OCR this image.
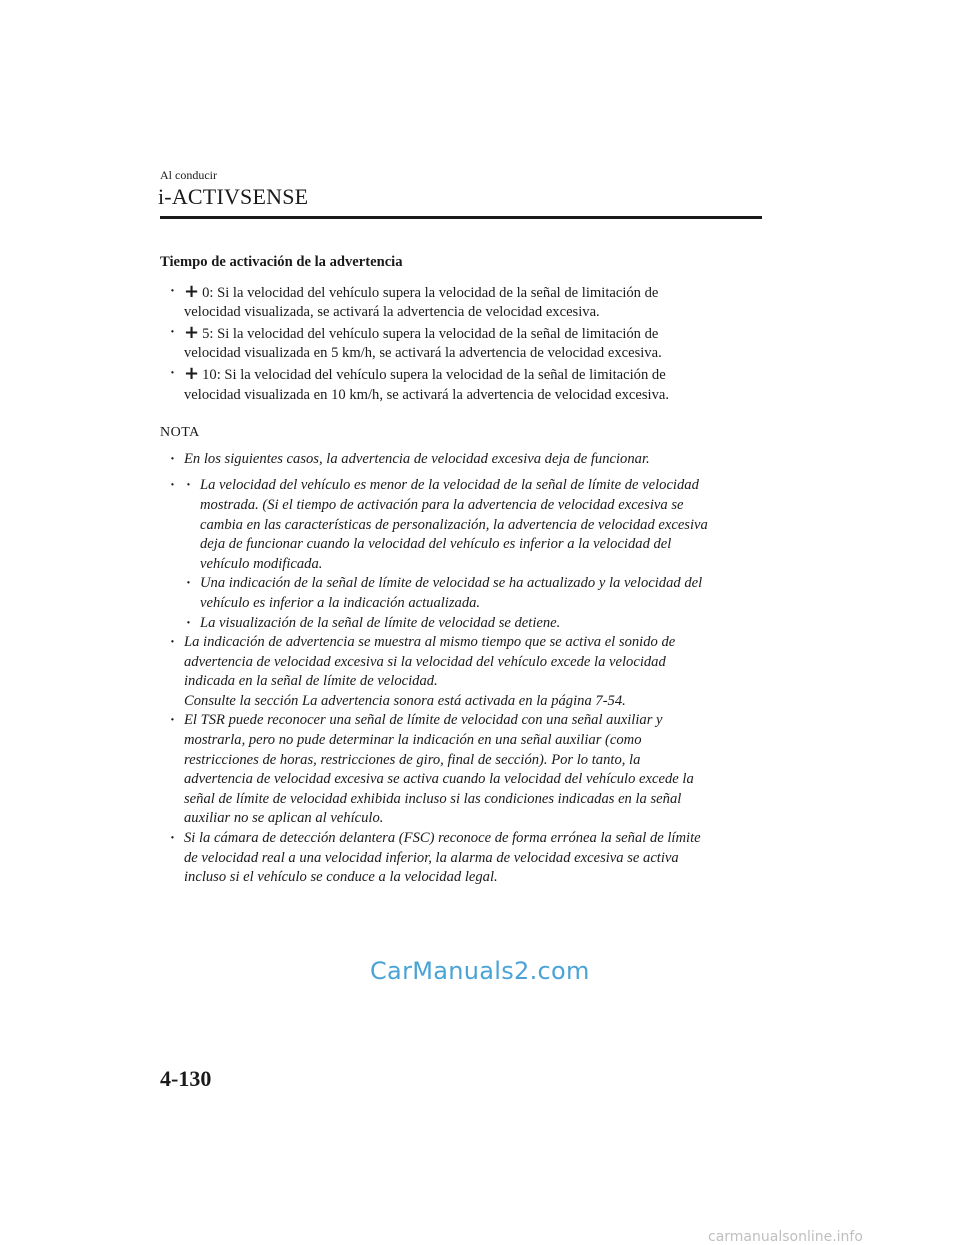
Al conducir
i-ACTIVSENSE
Tiempo de activación de la advertencia
· + 0: Si la velocidad del vehículo supera la velocidad de la señal de limitación de
velocidad visualizada, se activará la advertencia de velocidad excesiva.
· + 5: Si la velocidad del vehículo supera la velocidad de la señal de limitación de
velocidad visualizada en 5 km/h, se activará la advertencia de velocidad excesiva.
· + 10: Si la velocidad del vehículo supera la velocidad de la señal de limitación de
velocidad visualizada en 10 km/h, se activará la advertencia de velocidad excesiva.
NOTA
· En los siguientes casos, la advertencia de velocidad excesiva deja de funcionar.
· · La velocidad del vehículo es menor de la velocidad de la señal de límite de velocidad
mostrada. (Si el tiempo de activación para la advertencia de velocidad excesiva se
cambia en las características de personalización, la advertencia de velocidad excesiva
deja de funcionar cuando la velocidad del vehículo es inferior a la velocidad del
vehículo modificada.
· Una indicación de la señal de límite de velocidad se ha actualizado y la velocidad del
vehículo es inferior a la indicación actualizada.
· La visualización de la señal de límite de velocidad se detiene.
· La indicación de advertencia se muestra al mismo tiempo que se activa el sonido de
advertencia de velocidad excesiva si la velocidad del vehículo excede la velocidad
indicada en la señal de límite de velocidad.
Consulte la sección La advertencia sonora está activada en la página 7-54.
· El TSR puede reconocer una señal de límite de velocidad con una señal auxiliar y
mostrarla, pero no pude determinar la indicación en una señal auxiliar (como
restricciones de horas, restricciones de giro, final de sección). Por lo tanto, la
advertencia de velocidad excesiva se activa cuando la velocidad del vehículo excede la
señal de límite de velocidad exhibida incluso si las condiciones indicadas en la señal
auxiliar no se aplican al vehículo.
· Si la cámara de detección delantera (FSC) reconoce de forma errónea la señal de límite
de velocidad real a una velocidad inferior, la alarma de velocidad excesiva se activa
incluso si el vehículo se conduce a la velocidad legal.
CarManuals2.com
4-130
carmanualsonline.info
